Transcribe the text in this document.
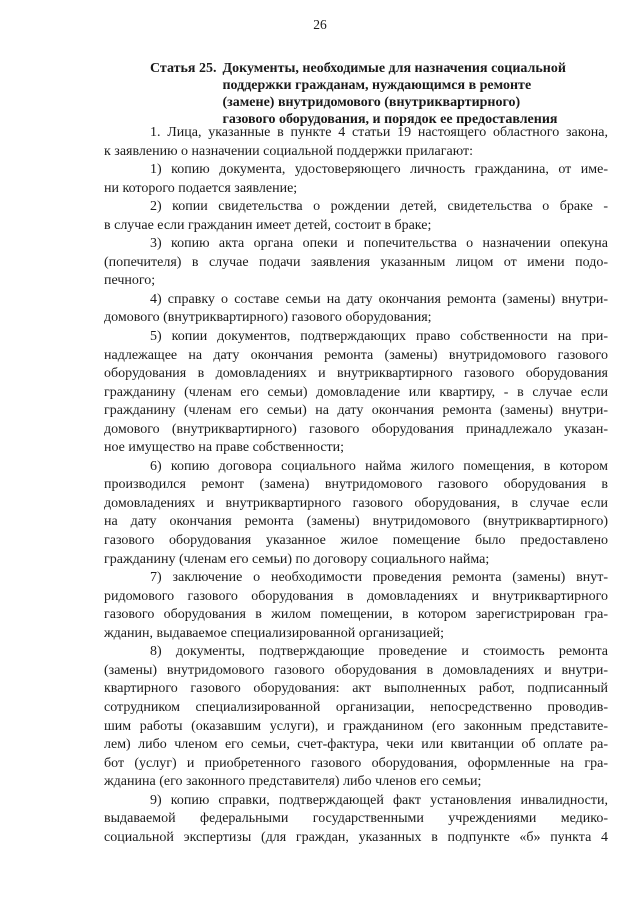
26
Статья 25. Документы, необходимые для назначения социальной
поддержки гражданам, нуждающимся в ремонте
(замене) внутридомового (внутриквартирного)
газового оборудования, и порядок ее предоставления
1. Лица, указанные в пункте 4 статьи 19 настоящего областного закона,
к заявлению о назначении социальной поддержки прилагают:
1) копию документа, удостоверяющего личность гражданина, от име-
ни которого подается заявление;
2) копии свидетельства о рождении детей, свидетельства о браке -
в случае если гражданин имеет детей, состоит в браке;
3) копию акта органа опеки и попечительства о назначении опекуна
(попечителя) в случае подачи заявления указанным лицом от имени подо-
печного;
4) справку о составе семьи на дату окончания ремонта (замены) внутри-
домового (внутриквартирного) газового оборудования;
5) копии документов, подтверждающих право собственности на при-
надлежащее на дату окончания ремонта (замены) внутридомового газового
оборудования в домовладениях и внутриквартирного газового оборудования
гражданину (членам его семьи) домовладение или квартиру, - в случае если
гражданину (членам его семьи) на дату окончания ремонта (замены) внутри-
домового (внутриквартирного) газового оборудования принадлежало указан-
ное имущество на праве собственности;
6) копию договора социального найма жилого помещения, в котором
производился ремонт (замена) внутридомового газового оборудования в
домовладениях и внутриквартирного газового оборудования, в случае если
на дату окончания ремонта (замены) внутридомового (внутриквартирного)
газового оборудования указанное жилое помещение было предоставлено
гражданину (членам его семьи) по договору социального найма;
7) заключение о необходимости проведения ремонта (замены) внут-
ридомового газового оборудования в домовладениях и внутриквартирного
газового оборудования в жилом помещении, в котором зарегистрирован гра-
жданин, выдаваемое специализированной организацией;
8) документы, подтверждающие проведение и стоимость ремонта
(замены) внутридомового газового оборудования в домовладениях и внутри-
квартирного газового оборудования: акт выполненных работ, подписанный
сотрудником специализированной организации, непосредственно проводив-
шим работы (оказавшим услуги), и гражданином (его законным представите-
лем) либо членом его семьи, счет-фактура, чеки или квитанции об оплате ра-
бот (услуг) и приобретенного газового оборудования, оформленные на гра-
жданина (его законного представителя) либо членов его семьи;
9) копию справки, подтверждающей факт установления инвалидности,
выдаваемой федеральными государственными учреждениями медико-
социальной экспертизы (для граждан, указанных в подпункте «б» пункта 4
